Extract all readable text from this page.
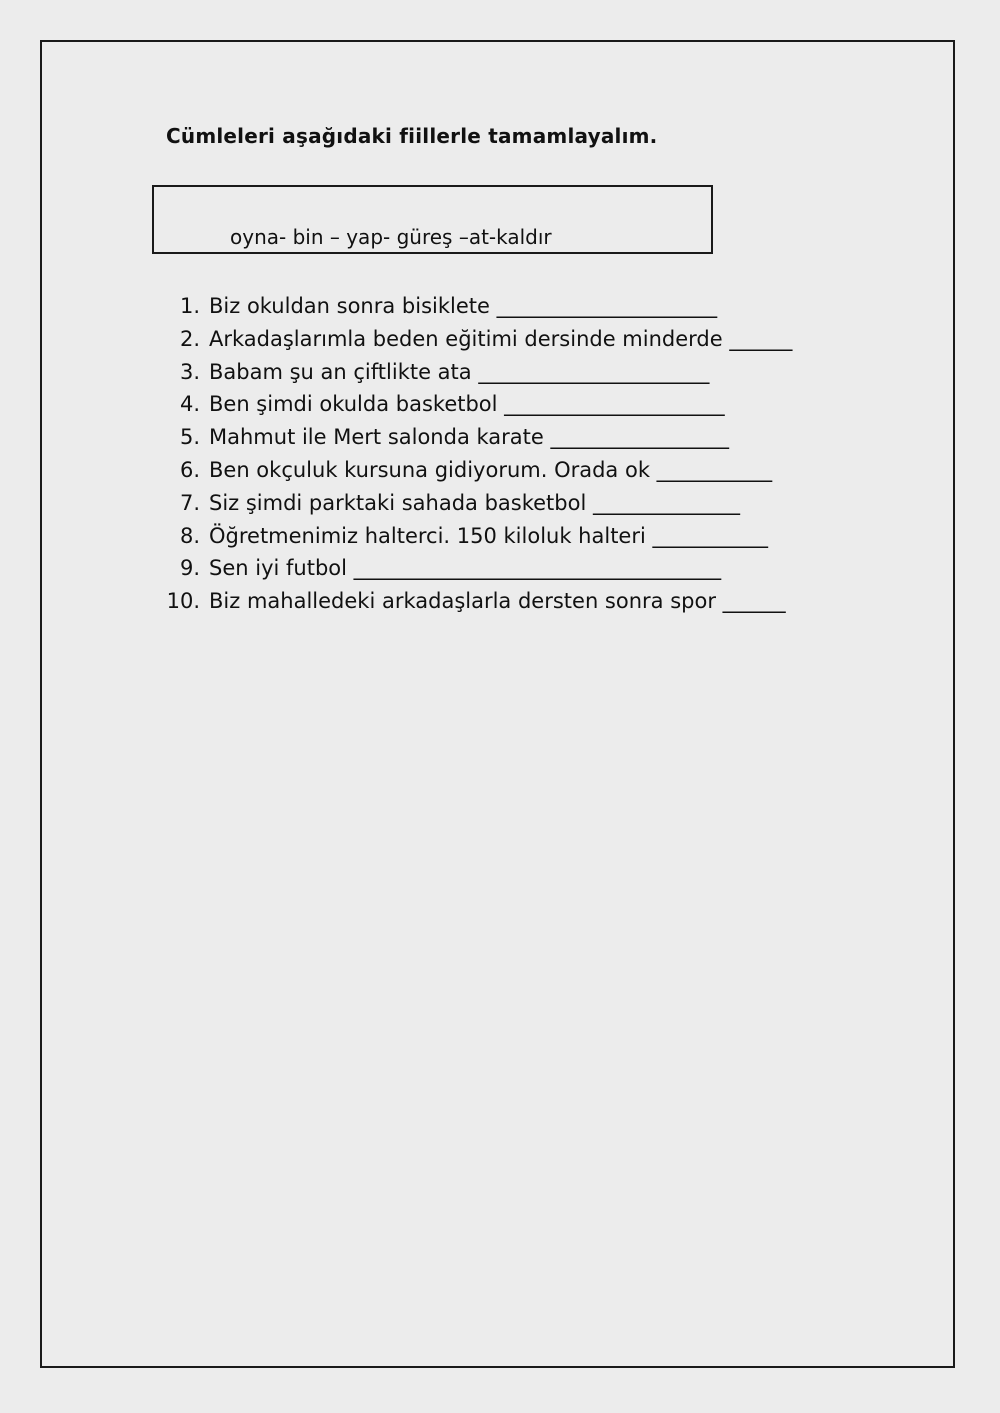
Cümleleri aşağıdaki fiillerle tamamlayalım.
oyna- bin – yap- güreş –at-kaldır
1. Biz okuldan sonra bisiklete _____________________
2. Arkadaşlarımla beden eğitimi dersinde minderde ______
3. Babam şu an çiftlikte ata ______________________
4. Ben şimdi okulda basketbol _____________________
5. Mahmut ile Mert salonda karate _________________
6. Ben okçuluk kursuna gidiyorum. Orada ok ___________
7. Siz şimdi parktaki sahada basketbol ______________
8. Öğretmenimiz halterci. 150 kiloluk halteri ___________
9. Sen iyi futbol ___________________________________
10. Biz mahalledeki arkadaşlarla dersten sonra spor ______
